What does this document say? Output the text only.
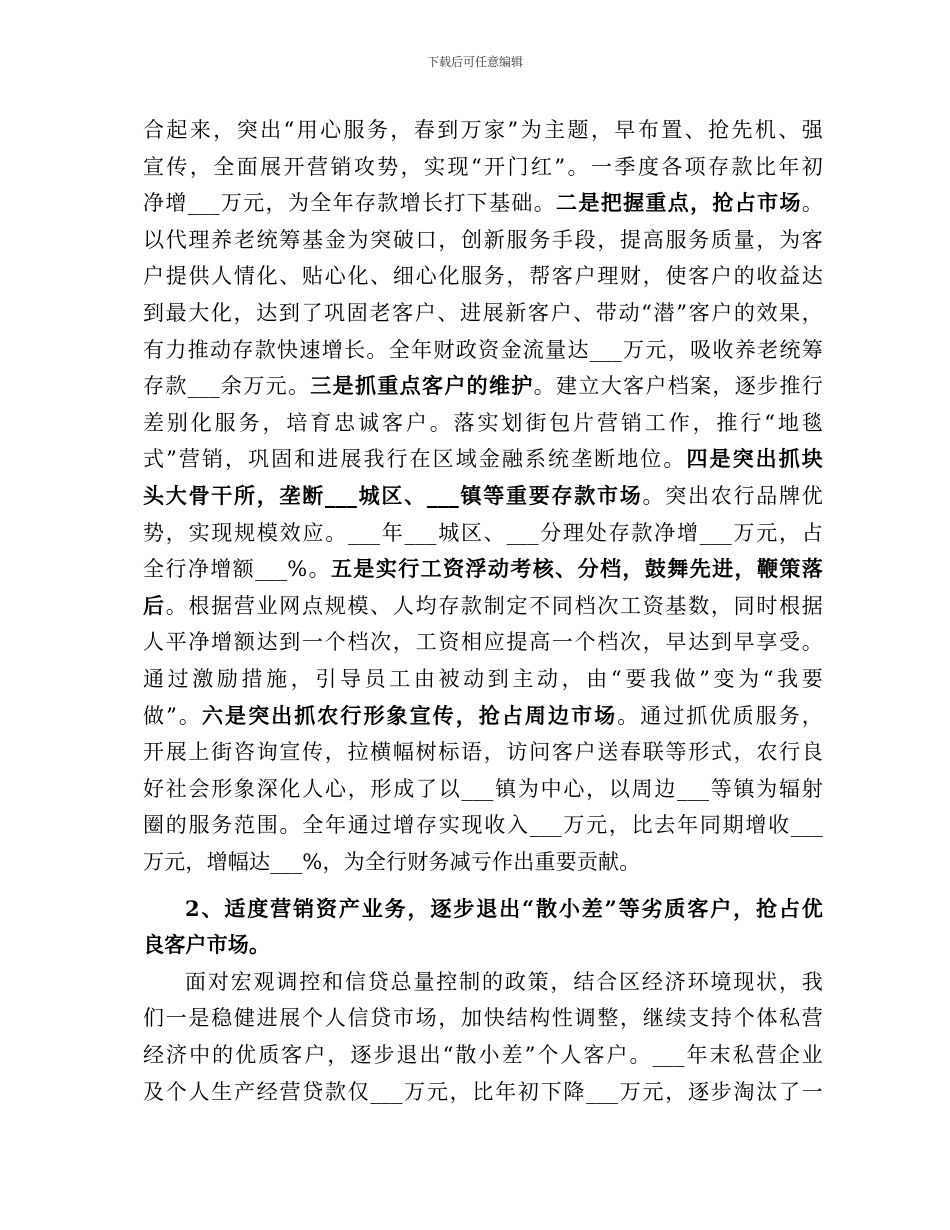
下载后可任意编辑
合起来，突出“用心服务，春到万家”为主题，早布置、抢先机、强
宣传，全面展开营销攻势，实现“开门红”。一季度各项存款比年初
净增___万元，为全年存款增长打下基础。二是把握重点，抢占市场。
以代理养老统筹基金为突破口，创新服务手段，提高服务质量，为客
户提供人情化、贴心化、细心化服务，帮客户理财，使客户的收益达
到最大化，达到了巩固老客户、进展新客户、带动“潜”客户的效果，
有力推动存款快速增长。全年财政资金流量达___万元，吸收养老统筹
存款___余万元。三是抓重点客户的维护。建立大客户档案，逐步推行
差别化服务，培育忠诚客户。落实划街包片营销工作，推行“地毯
式”营销，巩固和进展我行在区域金融系统垄断地位。四是突出抓块
头大骨干所，垄断___城区、___镇等重要存款市场。突出农行品牌优
势，实现规模效应。___年___城区、___分理处存款净增___万元，占
全行净增额___%。五是实行工资浮动考核、分档，鼓舞先进，鞭策落
后。根据营业网点规模、人均存款制定不同档次工资基数，同时根据
人平净增额达到一个档次，工资相应提高一个档次，早达到早享受。
通过激励措施，引导员工由被动到主动，由“要我做”变为“我要
做”。六是突出抓农行形象宣传，抢占周边市场。通过抓优质服务，
开展上街咨询宣传，拉横幅树标语，访问客户送春联等形式，农行良
好社会形象深化人心，形成了以___镇为中心，以周边___等镇为辐射
圈的服务范围。全年通过增存实现收入___万元，比去年同期增收___
万元，增幅达___%，为全行财务减亏作出重要贡献。
2、适度营销资产业务，逐步退出“散小差”等劣质客户，抢占优
良客户市场。
面对宏观调控和信贷总量控制的政策，结合区经济环境现状，我
们一是稳健进展个人信贷市场，加快结构性调整，继续支持个体私营
经济中的优质客户，逐步退出“散小差”个人客户。___年末私营企业
及个人生产经营贷款仅___万元，比年初下降___万元，逐步淘汰了一
